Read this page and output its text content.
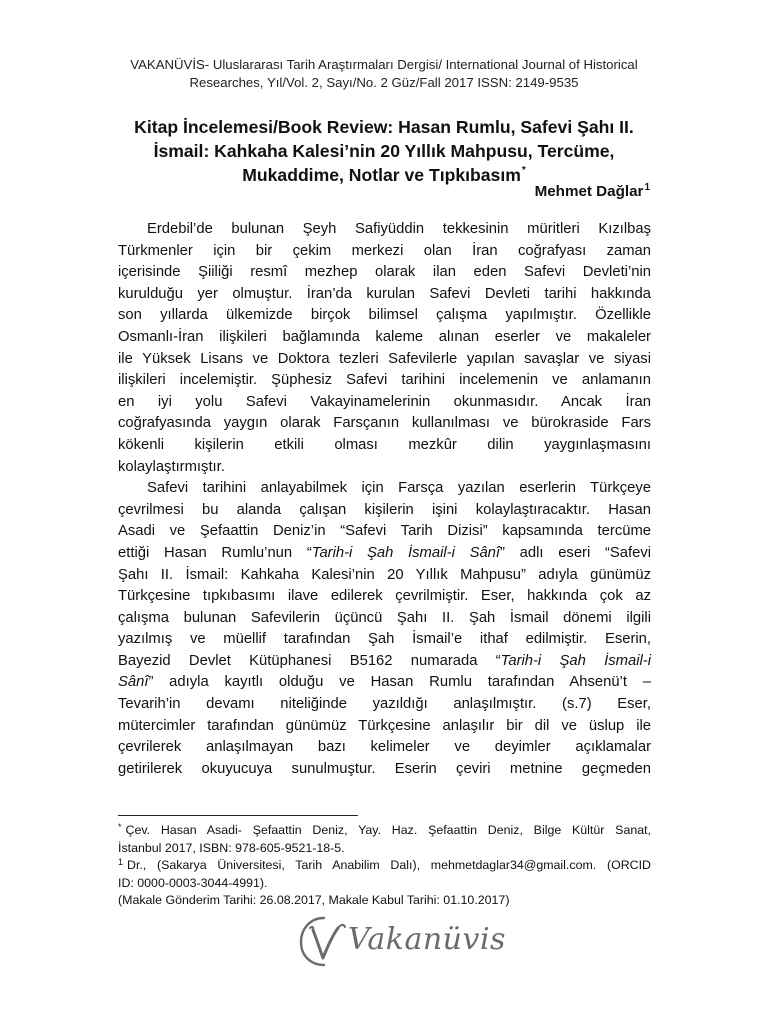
VAKANÜVİS- Uluslararası Tarih Araştırmaları Dergisi/ International Journal of Historical
Researches, Yıl/Vol. 2, Sayı/No. 2 Güz/Fall 2017 ISSN: 2149-9535
Kitap İncelemesi/Book Review: Hasan Rumlu, Safevi Şahı II.
İsmail: Kahkaha Kalesi’nin 20 Yıllık Mahpusu, Tercüme,
Mukaddime, Notlar ve Tıpkıbasım*
Mehmet Dağlar$^1$
Erdebil’de bulunan Şeyh Safiyüddin tekkesinin müritleri Kızılbaş
Türkmenler için bir çekim merkezi olan İran coğrafyası zaman
içerisinde Şiiliği resmî mezhep olarak ilan eden Safevi Devleti’nin
kurulduğu yer olmuştur. İran’da kurulan Safevi Devleti tarihi hakkında
son yıllarda ülkemizde birçok bilimsel çalışma yapılmıştır. Özellikle
Osmanlı-İran ilişkileri bağlamında kaleme alınan eserler ve makaleler
ile Yüksek Lisans ve Doktora tezleri Safevilerle yapılan savaşlar ve siyasi
ilişkileri incelemiştir. Şüphesiz Safevi tarihini incelemenin ve anlamanın
en iyi yolu Safevi Vakayinamelerinin okunmasıdır. Ancak İran
coğrafyasında yaygın olarak Farsçanın kullanılması ve bürokraside Fars
kökenli kişilerin etkili olması mezkûr dilin yaygınlaşmasını
kolaylaştırmıştır.
Safevi tarihini anlayabilmek için Farsça yazılan eserlerin Türkçeye
çevrilmesi bu alanda çalışan kişilerin işini kolaylaştıracaktır. Hasan
Asadi ve Şefaattin Deniz’in “Safevi Tarih Dizisi” kapsamında tercüme
ettiği Hasan Rumlu’nun “Tarih-i Şah İsmail-i Sânî” adlı eseri “Safevi
Şahı II. İsmail: Kahkaha Kalesi’nin 20 Yıllık Mahpusu” adıyla günümüz
Türkçesine tıpkıbasımı ilave edilerek çevrilmiştir. Eser, hakkında çok az
çalışma bulunan Safevilerin üçüncü Şahı II. Şah İsmail dönemi ilgili
yazılmış ve müellif tarafından Şah İsmail’e ithaf edilmiştir. Eserin,
Bayezid Devlet Kütüphanesi B5162 numarada “Tarih-i Şah İsmail-i
Sânî” adıyla kayıtlı olduğu ve Hasan Rumlu tarafından Ahsenü’t –
Tevarih’in devamı niteliğinde yazıldığı anlaşılmıştır. (s.7) Eser,
mütercimler tarafından günümüz Türkçesine anlaşılır bir dil ve üslup ile
çevrilerek anlaşılmayan bazı kelimeler ve deyimler açıklamalar
getirilerek okuyucuya sunulmuştur. Eserin çeviri metnine geçmeden
* Çev. Hasan Asadi- Şefaattin Deniz, Yay. Haz. Şefaattin Deniz, Bilge Kültür Sanat,
İstanbul 2017, ISBN: 978-605-9521-18-5.
$^1$ Dr., (Sakarya Üniversitesi, Tarih Anabilim Dalı), mehmetdaglar34@gmail.com. (ORCID
ID: 0000-0003-3044-4991).
(Makale Gönderim Tarihi: 26.08.2017, Makale Kabul Tarihi: 01.10.2017)
Vakanüvis
